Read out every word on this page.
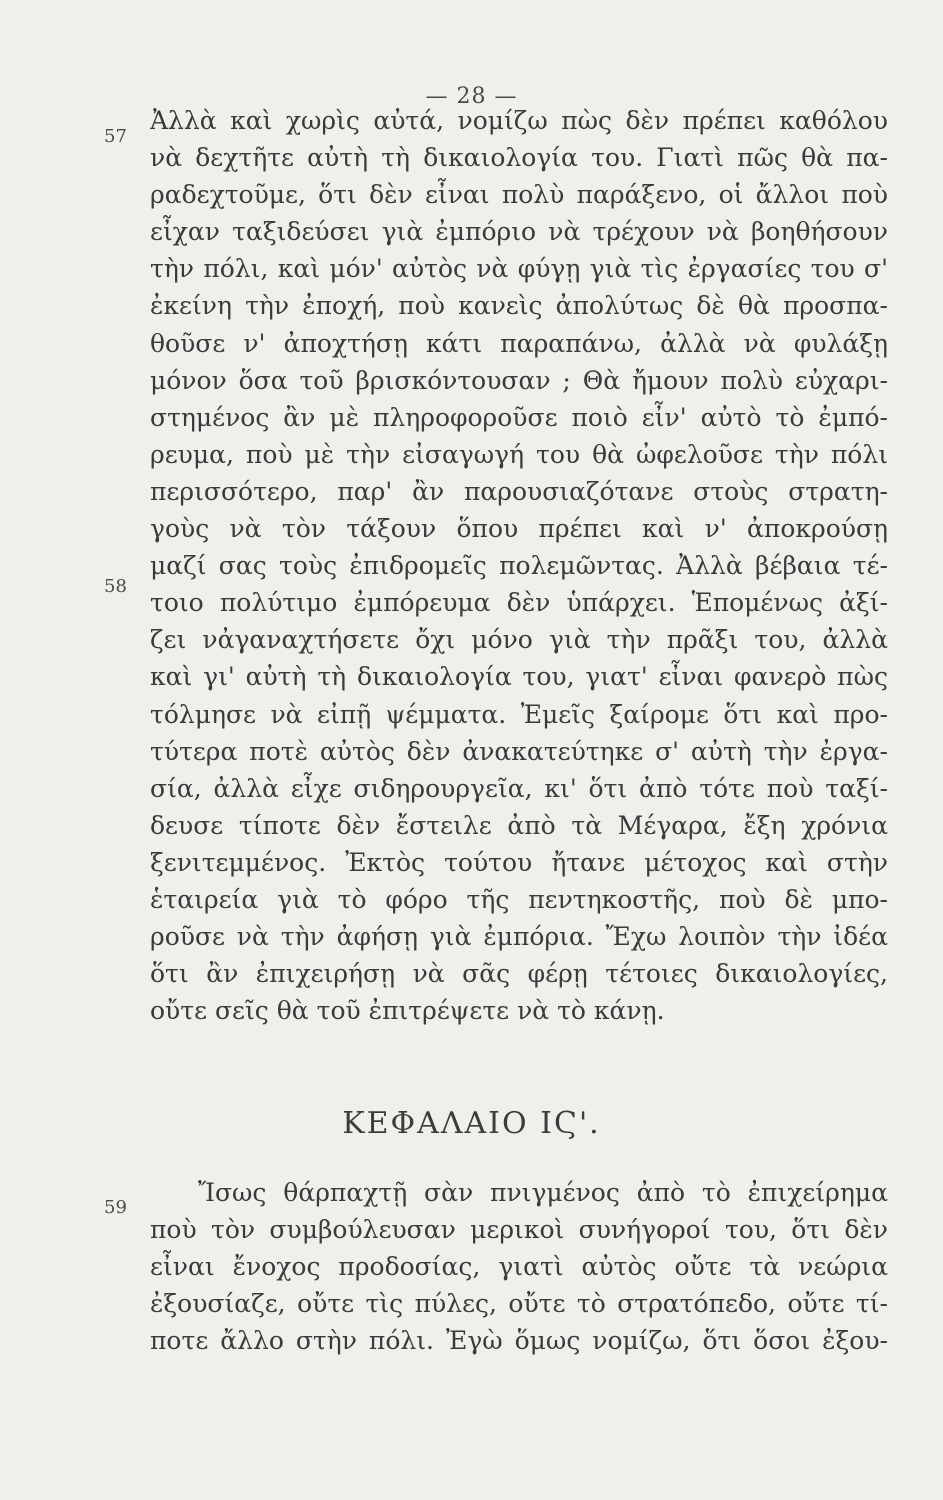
— 28 —
57
58
Ἀλλὰ καὶ χωρὶς αὐτά, νομίζω πὼς δὲν πρέπει καθόλου
νὰ δεχτῆτε αὐτὴ τὴ δικαιολογία του. Γιατὶ πῶς θὰ πα-
ραδεχτοῦμε, ὅτι δὲν εἶναι πολὺ παράξενο, οἱ ἄλλοι ποὺ
εἶχαν ταξιδεύσει γιὰ ἐμπόριο νὰ τρέχουν νὰ βοηθήσουν
τὴν πόλι, καὶ μόν' αὐτὸς νὰ φύγῃ γιὰ τὶς ἐργασίες του σ'
ἐκείνη τὴν ἐποχή, ποὺ κανεὶς ἀπολύτως δὲ θὰ προσπα-
θοῦσε ν' ἀποχτήσῃ κάτι παραπάνω, ἀλλὰ νὰ φυλάξῃ
μόνον ὅσα τοῦ βρισκόντουσαν ; Θὰ ἤμουν πολὺ εὐχαρι-
στημένος ἂν μὲ πληροφοροῦσε ποιὸ εἶν' αὐτὸ τὸ ἐμπό-
ρευμα, ποὺ μὲ τὴν εἰσαγωγή του θὰ ὠφελοῦσε τὴν πόλι
περισσότερο, παρ' ἂν παρουσιαζότανε στοὺς στρατη-
γοὺς νὰ τὸν τάξουν ὅπου πρέπει καὶ ν' ἀποκρούσῃ
μαζί σας τοὺς ἐπιδρομεῖς πολεμῶντας. Ἀλλὰ βέβαια τέ-
τοιο πολύτιμο ἐμπόρευμα δὲν ὑπάρχει. Ἑπομένως ἀξί-
ζει νἀγαναχτήσετε ὄχι μόνο γιὰ τὴν πρᾶξι του, ἀλλὰ
καὶ γι' αὐτὴ τὴ δικαιολογία του, γιατ' εἶναι φανερὸ πὼς
τόλμησε νὰ εἰπῇ ψέμματα. Ἐμεῖς ξαίρομε ὅτι καὶ προ-
τύτερα ποτὲ αὐτὸς δὲν ἀνακατεύτηκε σ' αὐτὴ τὴν ἐργα-
σία, ἀλλὰ εἶχε σιδηρουργεῖα, κι' ὅτι ἀπὸ τότε ποὺ ταξί-
δευσε τίποτε δὲν ἔστειλε ἀπὸ τὰ Μέγαρα, ἔξη χρόνια
ξενιτεμμένος. Ἐκτὸς τούτου ἤτανε μέτοχος καὶ στὴν
ἑταιρεία γιὰ τὸ φόρο τῆς πεντηκοστῆς, ποὺ δὲ μπο-
ροῦσε νὰ τὴν ἀφήσῃ γιὰ ἐμπόρια. Ἔχω λοιπὸν τὴν ἰδέα
ὅτι ἂν ἐπιχειρήσῃ νὰ σᾶς φέρῃ τέτοιες δικαιολογίες,
οὔτε σεῖς θὰ τοῦ ἐπιτρέψετε νὰ τὸ κάνῃ.
ΚΕΦΑΛΑΙΟ ΙϚ'.
59
Ἴσως θάρπαχτῇ σὰν πνιγμένος ἀπὸ τὸ ἐπιχείρημα
ποὺ τὸν συμβούλευσαν μερικοὶ συνήγοροί του, ὅτι δὲν
εἶναι ἔνοχος προδοσίας, γιατὶ αὐτὸς οὔτε τὰ νεώρια
ἐξουσίαζε, οὔτε τὶς πύλες, οὔτε τὸ στρατόπεδο, οὔτε τί-
ποτε ἄλλο στὴν πόλι. Ἐγὼ ὅμως νομίζω, ὅτι ὅσοι ἐξου-
